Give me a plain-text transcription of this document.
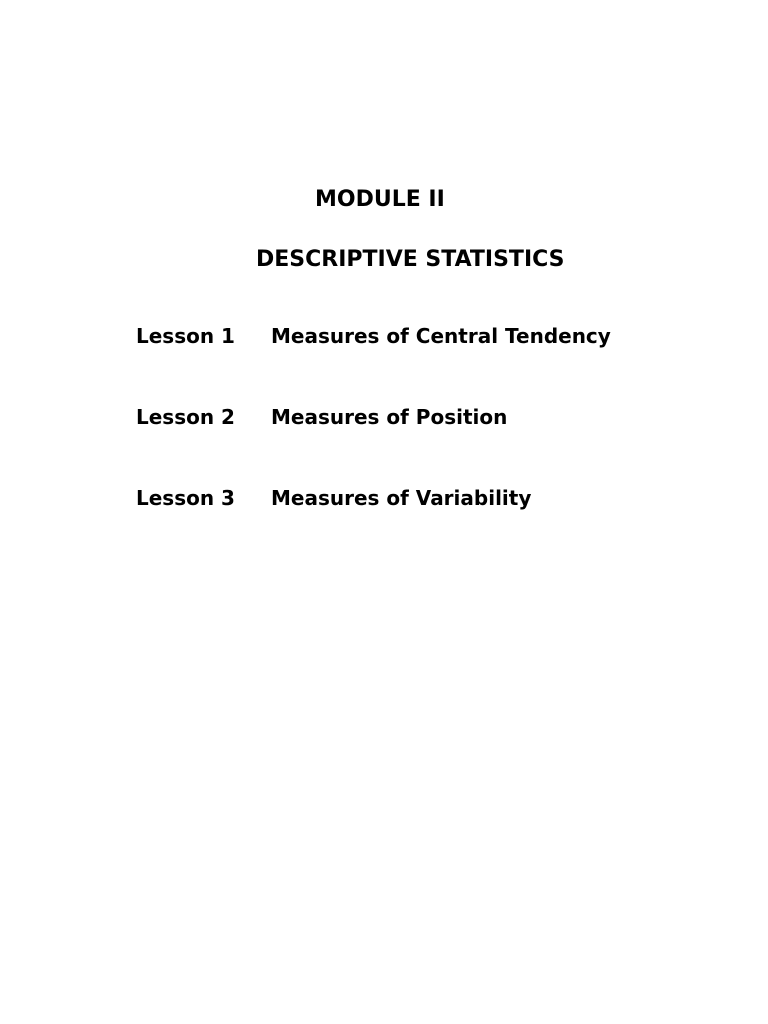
MODULE II
DESCRIPTIVE STATISTICS
Lesson 1 Measures of Central Tendency
Lesson 2 Measures of Position
Lesson 3 Measures of Variability
